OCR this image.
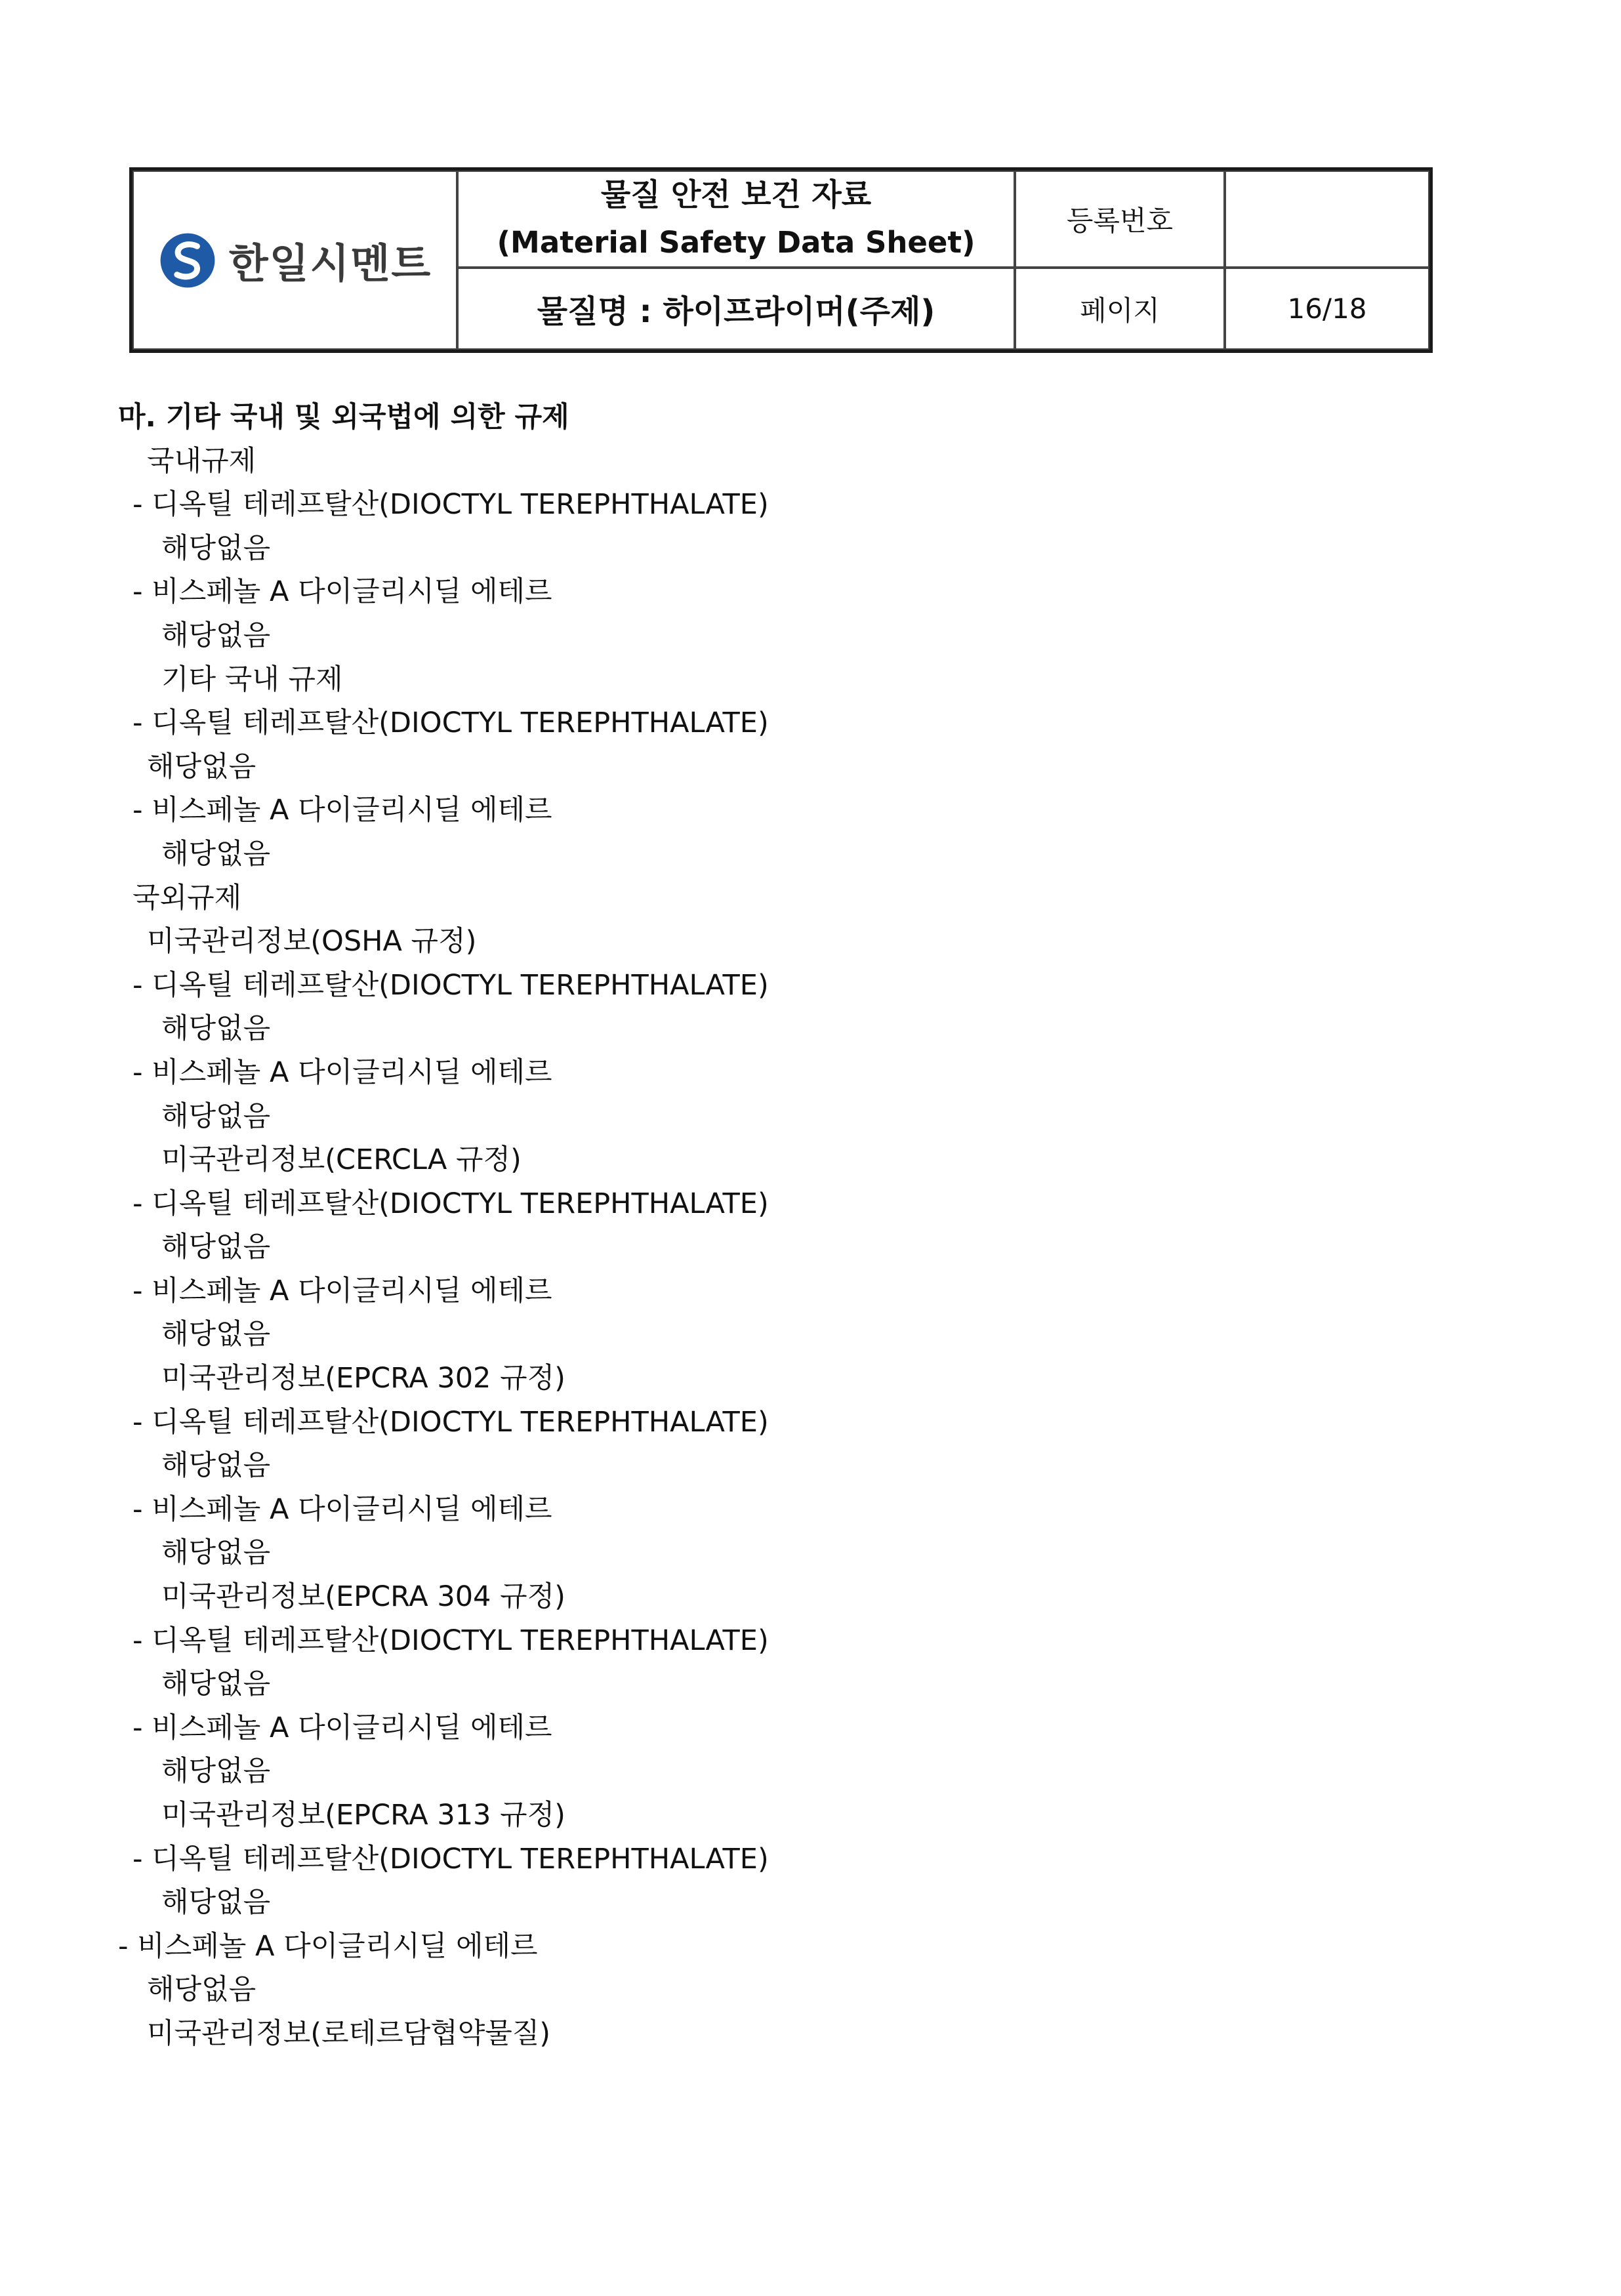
한일시멘트
물질 안전 보건 자료
(Material Safety Data Sheet)
등록번호
물질명 : 하이프라이머(주제)	페이지	16/18
마. 기타 국내 및 외국법에 의한 규제
국내규제
- 디옥틸 테레프탈산(DIOCTYL TEREPHTHALATE)
해당없음
- 비스페놀 A 다이글리시딜 에테르
해당없음
기타 국내 규제
- 디옥틸 테레프탈산(DIOCTYL TEREPHTHALATE)
해당없음
- 비스페놀 A 다이글리시딜 에테르
해당없음
국외규제
미국관리정보(OSHA 규정)
- 디옥틸 테레프탈산(DIOCTYL TEREPHTHALATE)
해당없음
- 비스페놀 A 다이글리시딜 에테르
해당없음
미국관리정보(CERCLA 규정)
- 디옥틸 테레프탈산(DIOCTYL TEREPHTHALATE)
해당없음
- 비스페놀 A 다이글리시딜 에테르
해당없음
미국관리정보(EPCRA 302 규정)
- 디옥틸 테레프탈산(DIOCTYL TEREPHTHALATE)
해당없음
- 비스페놀 A 다이글리시딜 에테르
해당없음
미국관리정보(EPCRA 304 규정)
- 디옥틸 테레프탈산(DIOCTYL TEREPHTHALATE)
해당없음
- 비스페놀 A 다이글리시딜 에테르
해당없음
미국관리정보(EPCRA 313 규정)
- 디옥틸 테레프탈산(DIOCTYL TEREPHTHALATE)
해당없음
- 비스페놀 A 다이글리시딜 에테르
해당없음
미국관리정보(로테르담협약물질)
